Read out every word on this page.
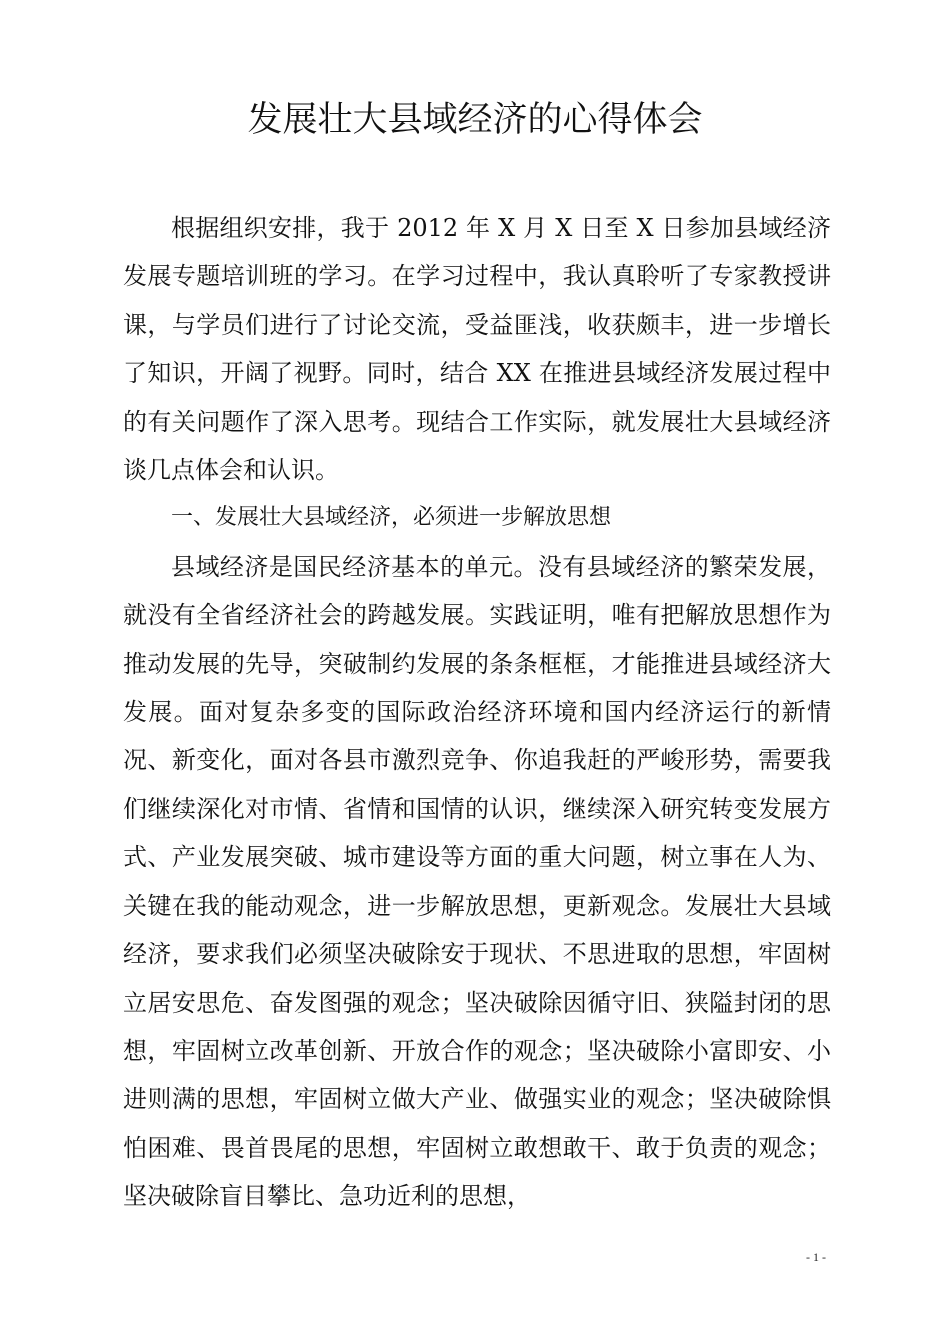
发展壮大县域经济的心得体会

根据组织安排，我于 2012 年 X 月 X 日至 X 日参加县域经济发展专题培训班的学习。在学习过程中，我认真聆听了专家教授讲课，与学员们进行了讨论交流，受益匪浅，收获颇丰，进一步增长了知识，开阔了视野。同时，结合 XX 在推进县域经济发展过程中的有关问题作了深入思考。现结合工作实际，就发展壮大县域经济谈几点体会和认识。

一、发展壮大县域经济，必须进一步解放思想

县域经济是国民经济基本的单元。没有县域经济的繁荣发展，就没有全省经济社会的跨越发展。实践证明，唯有把解放思想作为推动发展的先导，突破制约发展的条条框框，才能推进县域经济大发展。面对复杂多变的国际政治经济环境和国内经济运行的新情况、新变化，面对各县市激烈竞争、你追我赶的严峻形势，需要我们继续深化对市情、省情和国情的认识，继续深入研究转变发展方式、产业发展突破、城市建设等方面的重大问题，树立事在人为、关键在我的能动观念，进一步解放思想，更新观念。发展壮大县域经济，要求我们必须坚决破除安于现状、不思进取的思想，牢固树立居安思危、奋发图强的观念；坚决破除因循守旧、狭隘封闭的思想，牢固树立改革创新、开放合作的观念；坚决破除小富即安、小进则满的思想，牢固树立做大产业、做强实业的观念；坚决破除惧怕困难、畏首畏尾的思想，牢固树立敢想敢干、敢于负责的观念；坚决破除盲目攀比、急功近利的思想，

- 1 -
